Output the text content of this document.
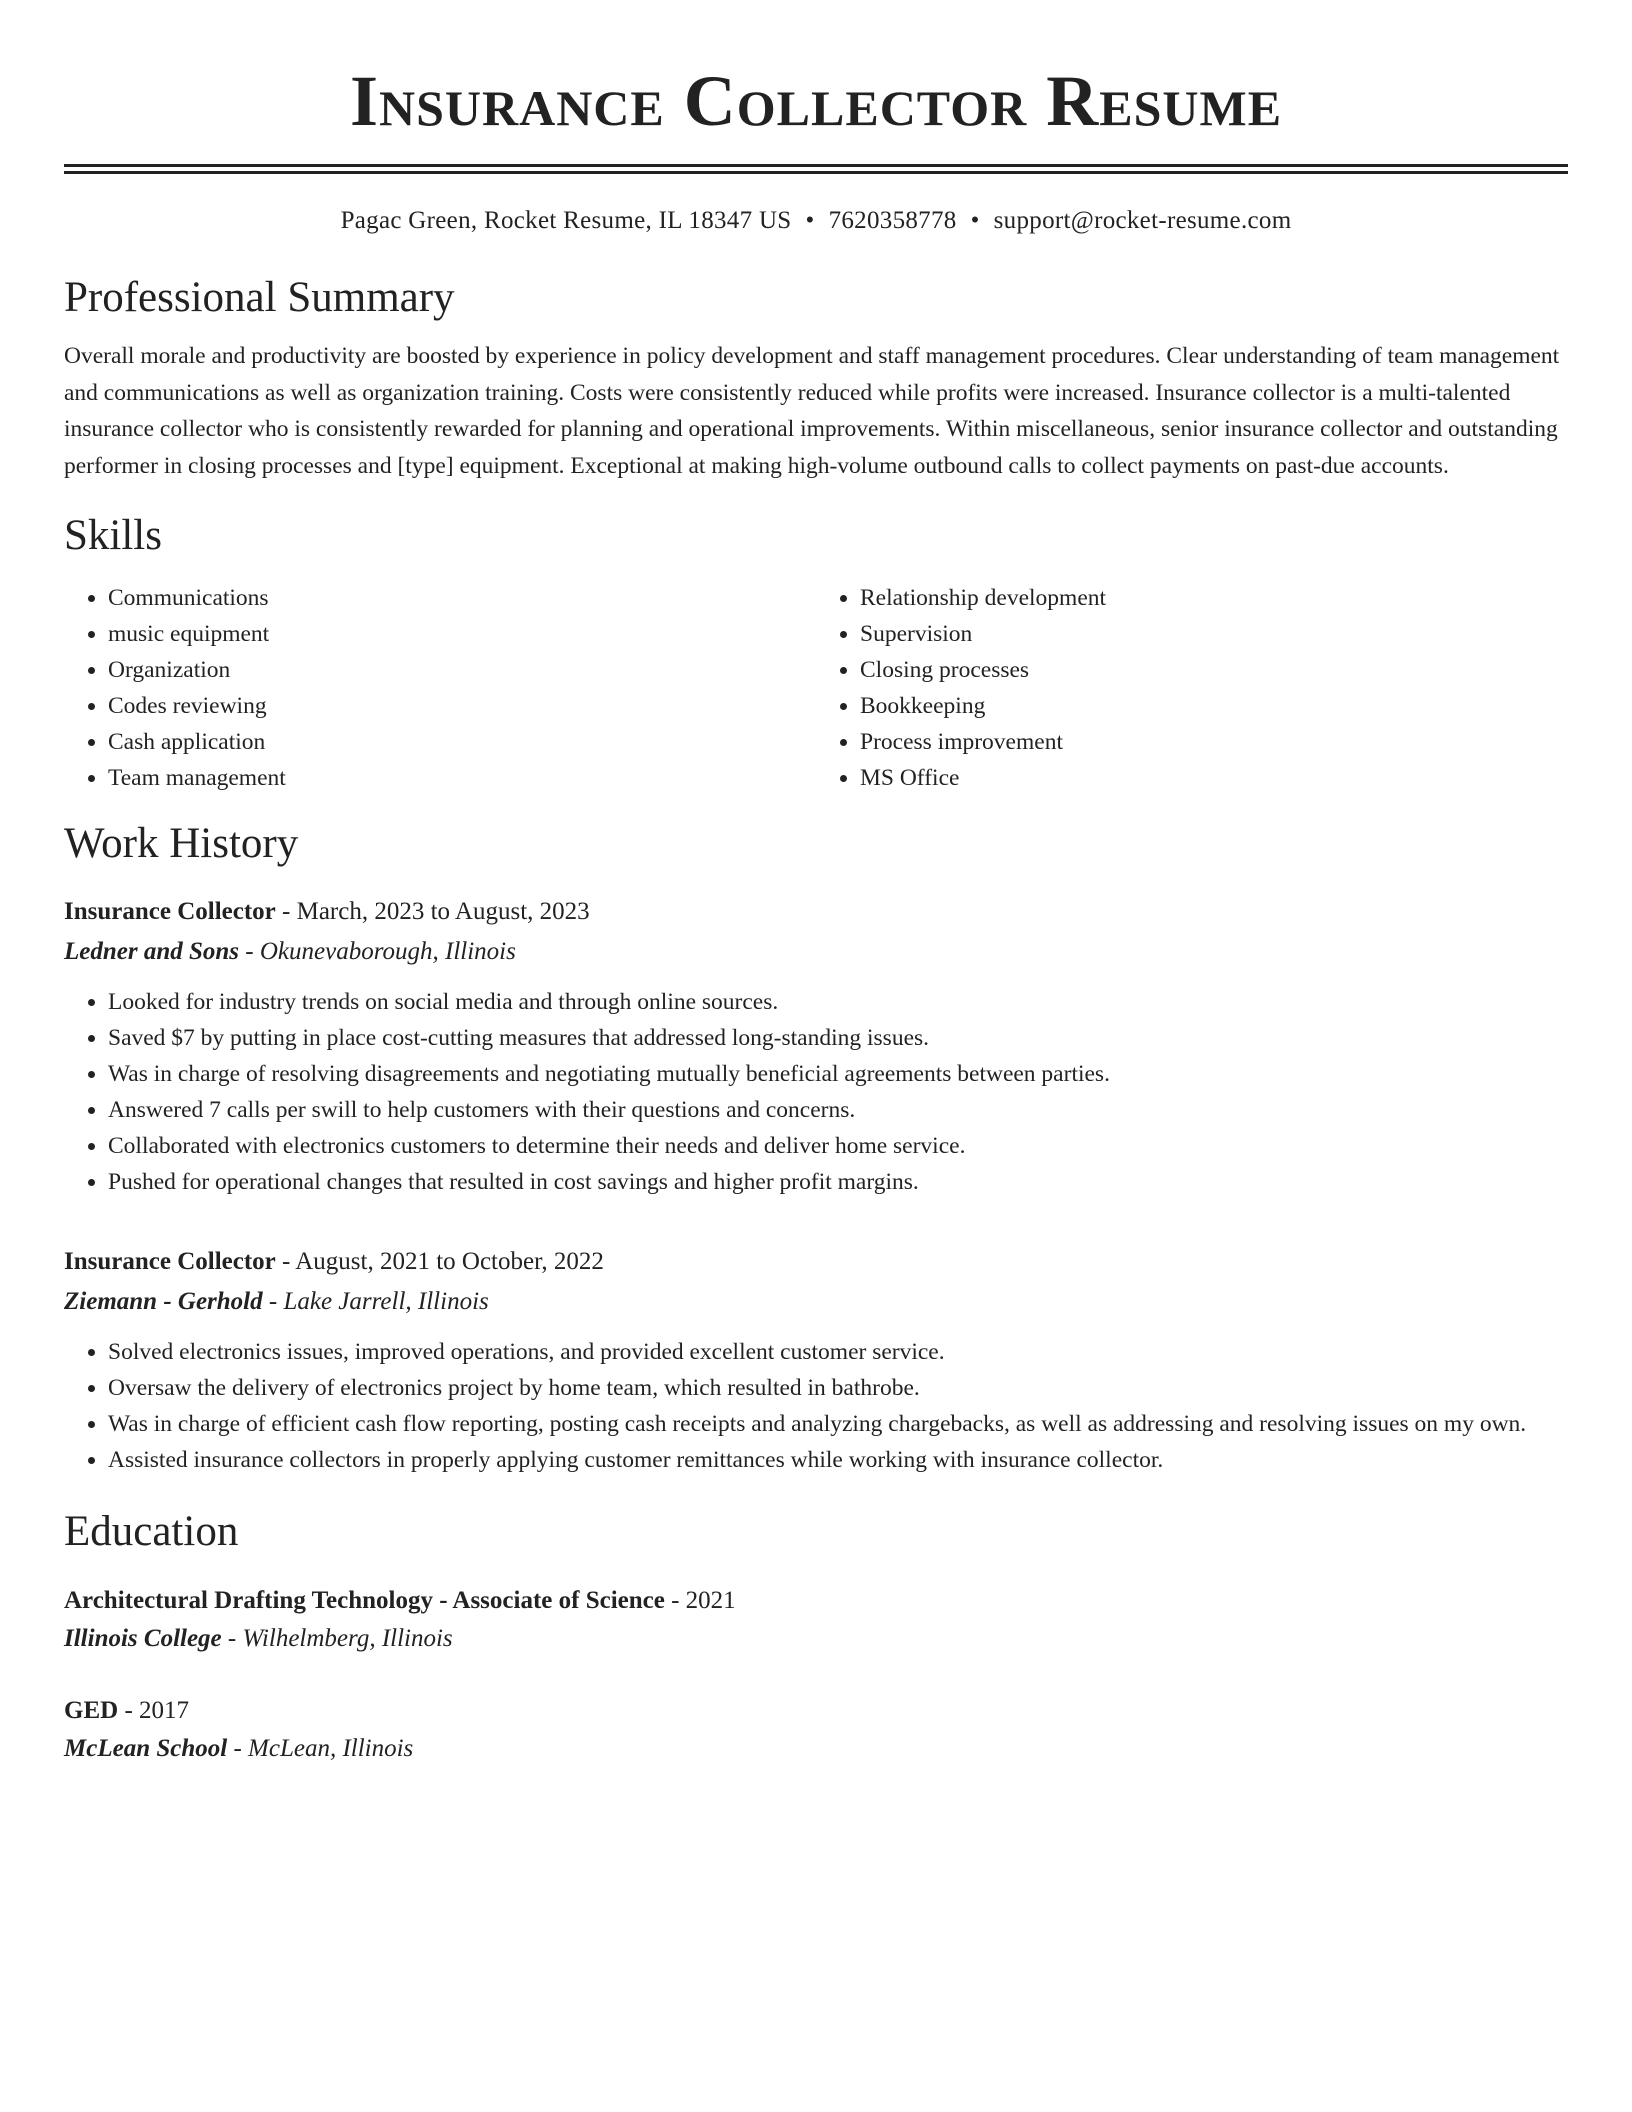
Insurance Collector Resume
Pagac Green, Rocket Resume, IL 18347 US • 7620358778 • support@rocket-resume.com
Professional Summary

Overall morale and productivity are boosted by experience in policy development and staff management procedures. Clear understanding of team management and communications as well as organization training. Costs were consistently reduced while profits were increased. Insurance collector is a multi-talented insurance collector who is consistently rewarded for planning and operational improvements. Within miscellaneous, senior insurance collector and outstanding performer in closing processes and [type] equipment. Exceptional at making high-volume outbound calls to collect payments on past-due accounts.

Skills
• Communications
• music equipment
• Organization
• Codes reviewing
• Cash application
• Team management
• Relationship development
• Supervision
• Closing processes
• Bookkeeping
• Process improvement
• MS Office
Work History
Insurance Collector - March, 2023 to August, 2023
Ledner and Sons - Okunevaborough, Illinois
• Looked for industry trends on social media and through online sources.
• Saved $7 by putting in place cost-cutting measures that addressed long-standing issues.
• Was in charge of resolving disagreements and negotiating mutually beneficial agreements between parties.
• Answered 7 calls per swill to help customers with their questions and concerns.
• Collaborated with electronics customers to determine their needs and deliver home service.
• Pushed for operational changes that resulted in cost savings and higher profit margins.
Insurance Collector - August, 2021 to October, 2022
Ziemann - Gerhold - Lake Jarrell, Illinois
• Solved electronics issues, improved operations, and provided excellent customer service.
• Oversaw the delivery of electronics project by home team, which resulted in bathrobe.
• Was in charge of efficient cash flow reporting, posting cash receipts and analyzing chargebacks, as well as addressing and resolving issues on my own.
• Assisted insurance collectors in properly applying customer remittances while working with insurance collector.
Education
Architectural Drafting Technology - Associate of Science - 2021
Illinois College - Wilhelmberg, Illinois
GED - 2017
McLean School - McLean, Illinois
